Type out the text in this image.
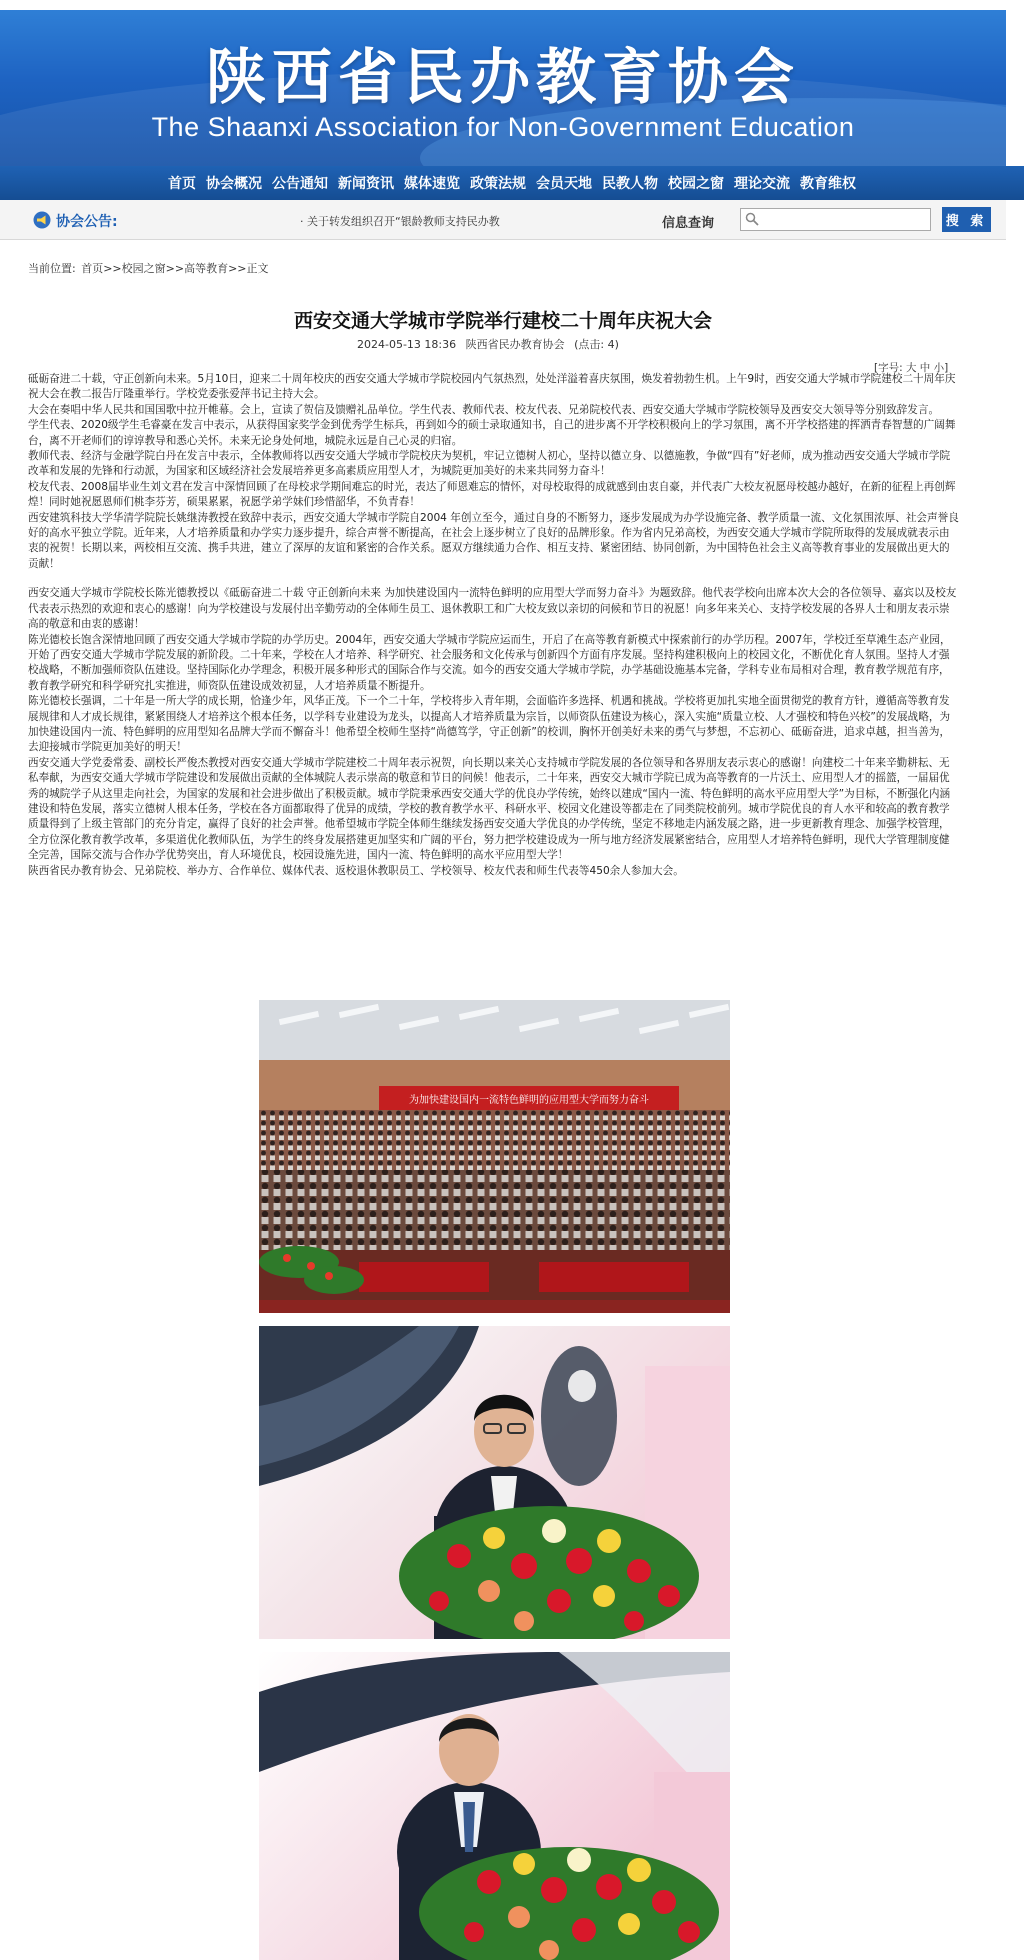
陕西省民办教育协会
The Shaanxi Association for Non-Government Education
首页 协会概况 公告通知 新闻资讯 媒体速览 政策法规 会员天地 民教人物 校园之窗 理论交流 教育维权
协会公告:	· 关于转发组织召开“银龄教师支持民办教	信息查询	搜 索
当前位置: 首页>>校园之窗>>高等教育>>正文
西安交通大学城市学院举行建校二十周年庆祝大会
2024-05-13 18:36 陕西省民办教育协会 (点击: 4)
[字号: 大 中 小]

砥砺奋进二十载，守正创新向未来。5月10日，迎来二十周年校庆的西安交通大学城市学院校园内气氛热烈，处处洋溢着喜庆氛围，焕发着勃勃生机。上午9时，西安交通大学城市学院建校二十周年庆祝大会在教二报告厅隆重举行。学校党委张爱萍书记主持大会。

大会在奏唱中华人民共和国国歌中拉开帷幕。会上，宣读了贺信及馈赠礼品单位。学生代表、教师代表、校友代表、兄弟院校代表、西安交通大学城市学院校领导及西安交大领导等分别致辞发言。

学生代表、2020级学生毛睿豪在发言中表示，从获得国家奖学金到优秀学生标兵，再到如今的硕士录取通知书，自己的进步离不开学校积极向上的学习氛围，离不开学校搭建的挥洒青春智慧的广阔舞台，离不开老师们的谆谆教导和悉心关怀。未来无论身处何地，城院永远是自己心灵的归宿。

教师代表、经济与金融学院白丹在发言中表示，全体教师将以西安交通大学城市学院校庆为契机，牢记立德树人初心，坚持以德立身、以德施教，争做“四有”好老师，成为推动西安交通大学城市学院改革和发展的先锋和行动派，为国家和区域经济社会发展培养更多高素质应用型人才，为城院更加美好的未来共同努力奋斗！

校友代表、2008届毕业生刘文君在发言中深情回顾了在母校求学期间难忘的时光，表达了师恩难忘的情怀，对母校取得的成就感到由衷自豪，并代表广大校友祝愿母校越办越好，在新的征程上再创辉煌！同时她祝愿恩师们桃李芬芳，硕果累累，祝愿学弟学妹们珍惜韶华，不负青春！

西安建筑科技大学华清学院院长姚继涛教授在致辞中表示，西安交通大学城市学院自2004 年创立至今，通过自身的不断努力，逐步发展成为办学设施完备、教学质量一流、文化氛围浓厚、社会声誉良好的高水平独立学院。近年来，人才培养质量和办学实力逐步提升，综合声誉不断提高，在社会上逐步树立了良好的品牌形象。作为省内兄弟高校，为西安交通大学城市学院所取得的发展成就表示由衷的祝贺！长期以来，两校相互交流、携手共进，建立了深厚的友谊和紧密的合作关系。愿双方继续通力合作、相互支持、紧密团结、协同创新，为中国特色社会主义高等教育事业的发展做出更大的贡献！

西安交通大学城市学院校长陈光德教授以《砥砺奋进二十载 守正创新向未来 为加快建设国内一流特色鲜明的应用型大学而努力奋斗》为题致辞。他代表学校向出席本次大会的各位领导、嘉宾以及校友代表表示热烈的欢迎和衷心的感谢！向为学校建设与发展付出辛勤劳动的全体师生员工、退休教职工和广大校友致以亲切的问候和节日的祝愿！向多年来关心、支持学校发展的各界人士和朋友表示崇高的敬意和由衷的感谢！

陈光德校长饱含深情地回顾了西安交通大学城市学院的办学历史。2004年，西安交通大学城市学院应运而生，开启了在高等教育新模式中探索前行的办学历程。2007年，学校迁至草滩生态产业园，开始了西安交通大学城市学院发展的新阶段。二十年来，学校在人才培养、科学研究、社会服务和文化传承与创新四个方面有序发展。坚持构建积极向上的校园文化，不断优化育人氛围。坚持人才强校战略，不断加强师资队伍建设。坚持国际化办学理念，积极开展多种形式的国际合作与交流。如今的西安交通大学城市学院，办学基础设施基本完备，学科专业布局相对合理，教育教学规范有序，教育教学研究和科学研究扎实推进，师资队伍建设成效初显，人才培养质量不断提升。

陈光德校长强调，二十年是一所大学的成长期，恰逢少年，风华正茂。下一个二十年，学校将步入青年期，会面临许多选择、机遇和挑战。学校将更加扎实地全面贯彻党的教育方针，遵循高等教育发展规律和人才成长规律，紧紧围绕人才培养这个根本任务，以学科专业建设为龙头，以提高人才培养质量为宗旨，以师资队伍建设为核心，深入实施“质量立校、人才强校和特色兴校”的发展战略，为加快建设国内一流、特色鲜明的应用型知名品牌大学而不懈奋斗！他希望全校师生坚持“尚德笃学，守正创新”的校训，胸怀开创美好未来的勇气与梦想，不忘初心、砥砺奋进，追求卓越，担当善为，去迎接城市学院更加美好的明天！

西安交通大学党委常委、副校长严俊杰教授对西安交通大学城市学院建校二十周年表示祝贺，向长期以来关心支持城市学院发展的各位领导和各界朋友表示衷心的感谢！向建校二十年来辛勤耕耘、无私奉献，为西安交通大学城市学院建设和发展做出贡献的全体城院人表示崇高的敬意和节日的问候！他表示，二十年来，西安交大城市学院已成为高等教育的一片沃土、应用型人才的摇篮，一届届优秀的城院学子从这里走向社会，为国家的发展和社会进步做出了积极贡献。城市学院秉承西安交通大学的优良办学传统，始终以建成“国内一流、特色鲜明的高水平应用型大学”为目标，不断强化内涵建设和特色发展，落实立德树人根本任务，学校在各方面都取得了优异的成绩，学校的教育教学水平、科研水平、校园文化建设等都走在了同类院校前列。城市学院优良的育人水平和较高的教育教学质量得到了上级主管部门的充分肯定，赢得了良好的社会声誉。他希望城市学院全体师生继续发扬西安交通大学优良的办学传统，坚定不移地走内涵发展之路，进一步更新教育理念、加强学校管理，全方位深化教育教学改革，多渠道优化教师队伍，为学生的终身发展搭建更加坚实和广阔的平台，努力把学校建设成为一所与地方经济发展紧密结合，应用型人才培养特色鲜明，现代大学管理制度健全完善，国际交流与合作办学优势突出，育人环境优良，校园设施先进，国内一流、特色鲜明的高水平应用型大学！

陕西省民办教育协会、兄弟院校、举办方、合作单位、媒体代表、返校退休教职员工、学校领导、校友代表和师生代表等450余人参加大会。

为加快建设国内一流特色鲜明的应用型大学而努力奋斗
